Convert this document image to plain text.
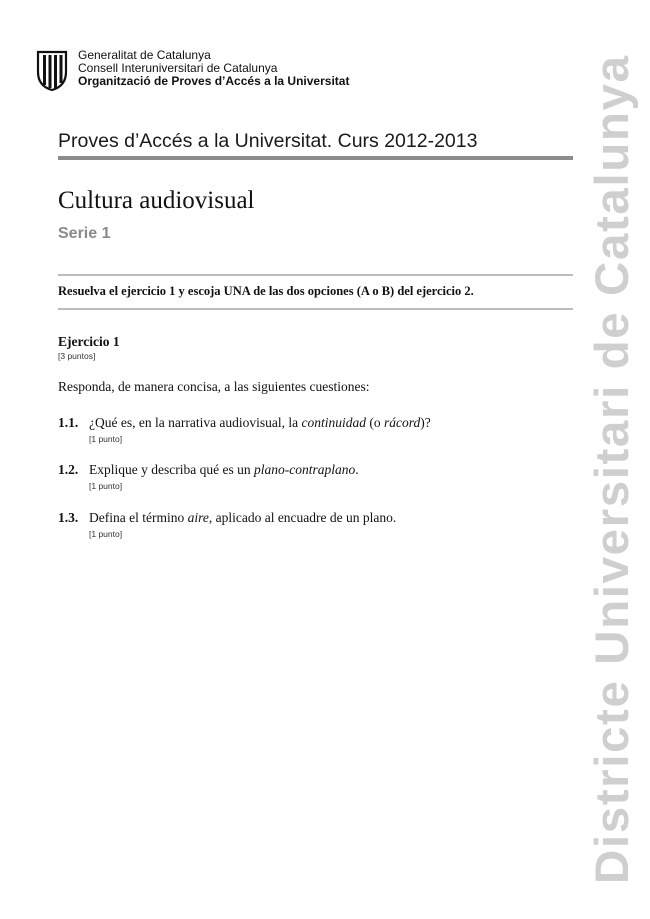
Generalitat de Catalunya
Consell Interuniversitari de Catalunya
Organització de Proves d’Accés a la Universitat
Proves d’Accés a la Universitat. Curs 2012-2013
Cultura audiovisual
Serie 1
Resuelva el ejercicio 1 y escoja UNA de las dos opciones (A o B) del ejercicio 2.
Ejercicio 1
[3 puntos]
Responda, de manera concisa, a las siguientes cuestiones:
1.1. ¿Qué es, en la narrativa audiovisual, la continuidad (o rácord)?
[1 punto]
1.2. Explique y describa qué es un plano-contraplano.
[1 punto]
1.3. Defina el término aire, aplicado al encuadre de un plano.
[1 punto]	Districte Universitari de Catalunya
